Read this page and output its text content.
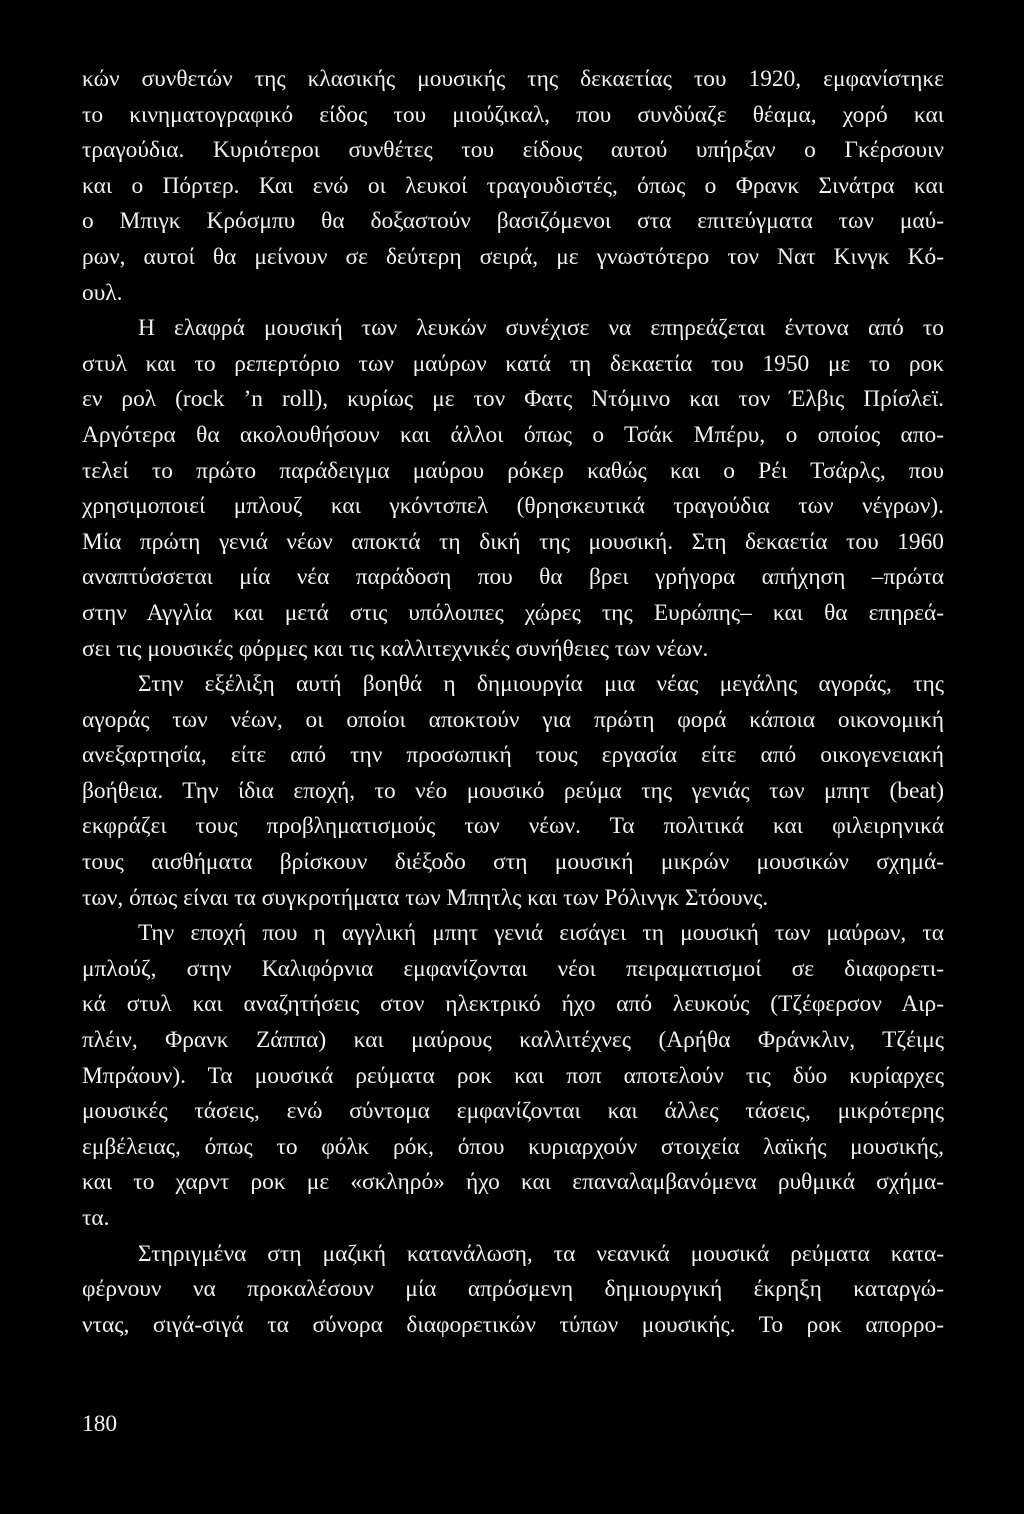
κών συνθετών της κλασικής μουσικής της δεκαετίας του 1920, εμφανίστηκε
το κινηματογραφικό είδος του μιούζικαλ, που συνδύαζε θέαμα, χορό και
τραγούδια. Κυριότεροι συνθέτες του είδους αυτού υπήρξαν ο Γκέρσουιν
και ο Πόρτερ. Και ενώ οι λευκοί τραγουδιστές, όπως ο Φρανκ Σινάτρα και
ο Μπιγκ Κρόσμπυ θα δοξαστούν βασιζόμενοι στα επιτεύγματα των μαύ-
ρων, αυτοί θα μείνουν σε δεύτερη σειρά, με γνωστότερο τον Νατ Κινγκ Κό-
ουλ.
Η ελαφρά μουσική των λευκών συνέχισε να επηρεάζεται έντονα από το
στυλ και το ρεπερτόριο των μαύρων κατά τη δεκαετία του 1950 με το ροκ
εν ρολ (rock ’n roll), κυρίως με τον Φατς Ντόμινο και τον Έλβις Πρίσλεϊ.
Αργότερα θα ακολουθήσουν και άλλοι όπως ο Τσάκ Μπέρυ, ο οποίος απο-
τελεί το πρώτο παράδειγμα μαύρου ρόκερ καθώς και ο Ρέι Τσάρλς, που
χρησιμοποιεί μπλουζ και γκόντσπελ (θρησκευτικά τραγούδια των νέγρων).
Μία πρώτη γενιά νέων αποκτά τη δική της μουσική. Στη δεκαετία του 1960
αναπτύσσεται μία νέα παράδοση που θα βρει γρήγορα απήχηση –πρώτα
στην Αγγλία και μετά στις υπόλοιπες χώρες της Ευρώπης– και θα επηρεά-
σει τις μουσικές φόρμες και τις καλλιτεχνικές συνήθειες των νέων.
Στην εξέλιξη αυτή βοηθά η δημιουργία μια νέας μεγάλης αγοράς, της
αγοράς των νέων, οι οποίοι αποκτούν για πρώτη φορά κάποια οικονομική
ανεξαρτησία, είτε από την προσωπική τους εργασία είτε από οικογενειακή
βοήθεια. Την ίδια εποχή, το νέο μουσικό ρεύμα της γενιάς των μπητ (beat)
εκφράζει τους προβληματισμούς των νέων. Τα πολιτικά και φιλειρηνικά
τους αισθήματα βρίσκουν διέξοδο στη μουσική μικρών μουσικών σχημά-
των, όπως είναι τα συγκροτήματα των Μπητλς και των Ρόλινγκ Στόουνς.
Την εποχή που η αγγλική μπητ γενιά εισάγει τη μουσική των μαύρων, τα
μπλούζ, στην Καλιφόρνια εμφανίζονται νέοι πειραματισμοί σε διαφορετι-
κά στυλ και αναζητήσεις στον ηλεκτρικό ήχο από λευκούς (Τζέφερσον Αιρ-
πλέιν, Φρανκ Ζάππα) και μαύρους καλλιτέχνες (Αρήθα Φράνκλιν, Τζέιμς
Μπράουν). Τα μουσικά ρεύματα ροκ και ποπ αποτελούν τις δύο κυρίαρχες
μουσικές τάσεις, ενώ σύντομα εμφανίζονται και άλλες τάσεις, μικρότερης
εμβέλειας, όπως το φόλκ ρόκ, όπου κυριαρχούν στοιχεία λαϊκής μουσικής,
και το χαρντ ροκ με «σκληρό» ήχο και επαναλαμβανόμενα ρυθμικά σχήμα-
τα.
Στηριγμένα στη μαζική κατανάλωση, τα νεανικά μουσικά ρεύματα κατα-
φέρνουν να προκαλέσουν μία απρόσμενη δημιουργική έκρηξη καταργώ-
ντας, σιγά-σιγά τα σύνορα διαφορετικών τύπων μουσικής. Το ροκ απορρο-
180
